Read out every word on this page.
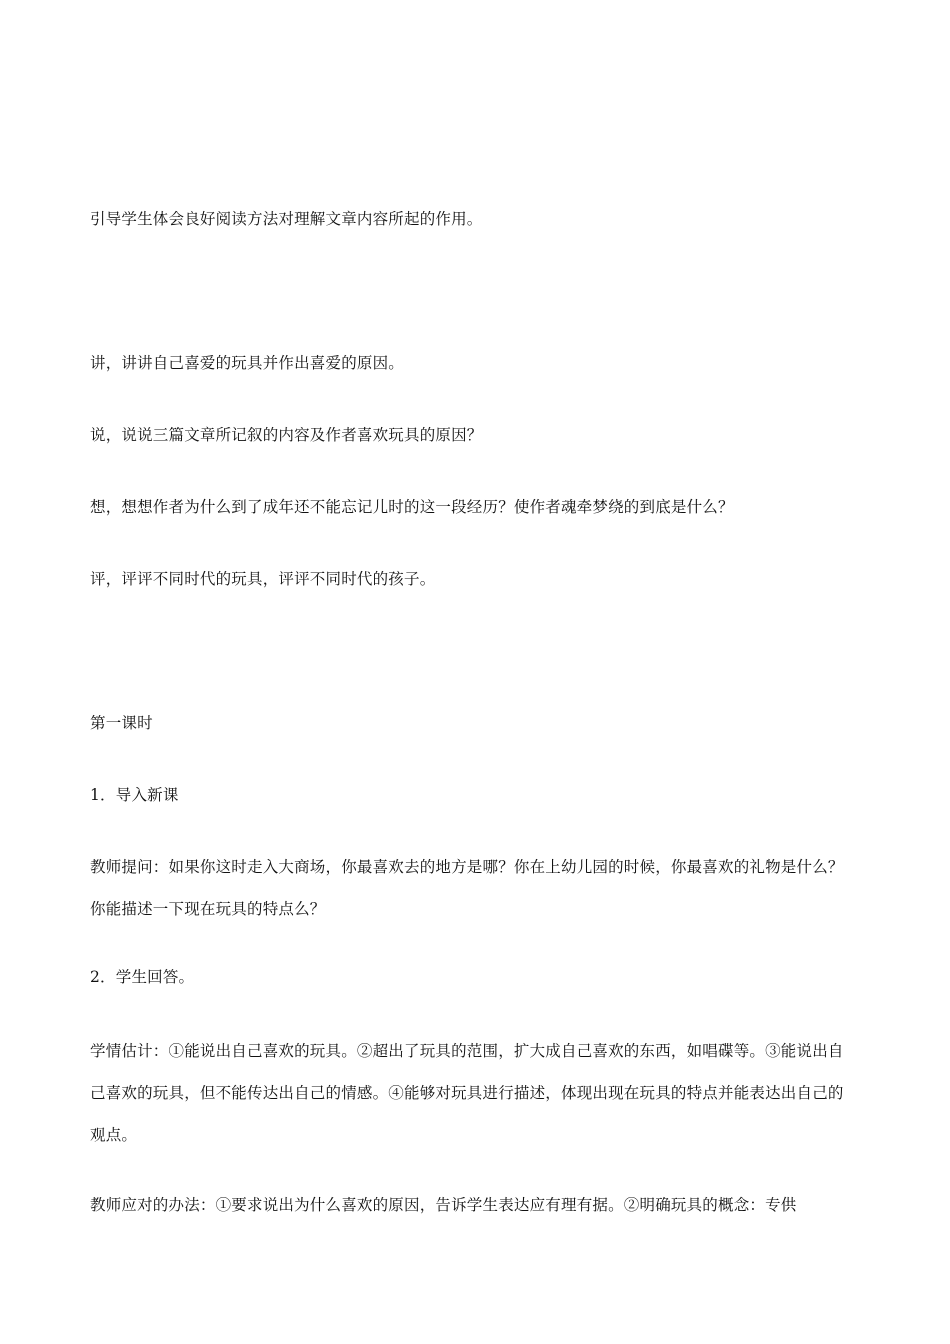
引导学生体会良好阅读方法对理解文章内容所起的作用。
讲，讲讲自己喜爱的玩具并作出喜爱的原因。
说，说说三篇文章所记叙的内容及作者喜欢玩具的原因？
想，想想作者为什么到了成年还不能忘记儿时的这一段经历？使作者魂牵梦绕的到底是什么？
评，评评不同时代的玩具，评评不同时代的孩子。
第一课时
1．导入新课
教师提问：如果你这时走入大商场，你最喜欢去的地方是哪？你在上幼儿园的时候，你最喜欢的礼物是什么？你能描述一下现在玩具的特点么？
2．学生回答。
学情估计：①能说出自己喜欢的玩具。②超出了玩具的范围，扩大成自己喜欢的东西，如唱碟等。③能说出自己喜欢的玩具，但不能传达出自己的情感。④能够对玩具进行描述，体现出现在玩具的特点并能表达出自己的观点。
教师应对的办法：①要求说出为什么喜欢的原因，告诉学生表达应有理有据。②明确玩具的概念：专供
